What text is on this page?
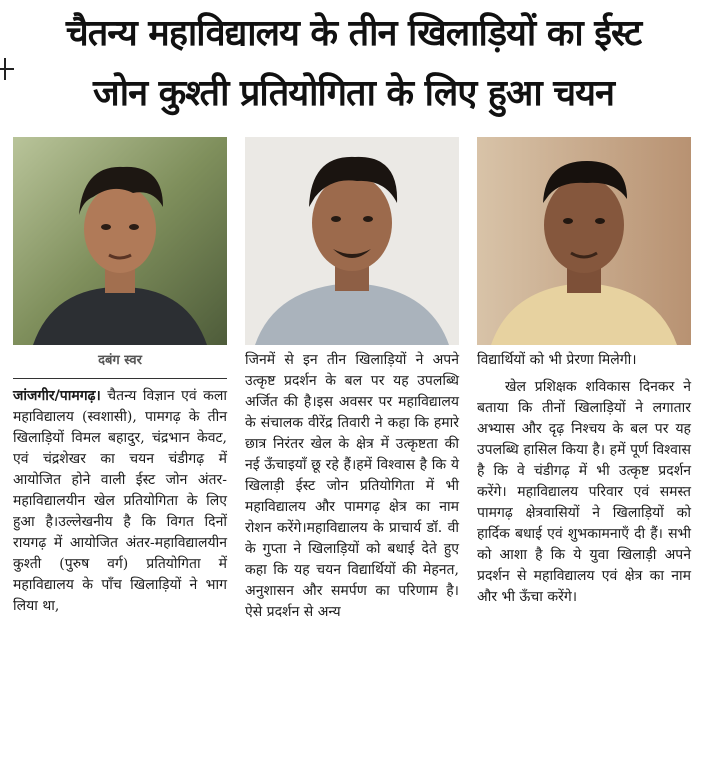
चैतन्य महाविद्यालय के तीन खिलाड़ियों का ईस्ट
जोन कुश्ती प्रतियोगिता के लिए हुआ चयन
दबंग स्वर

जांजगीर/पामगढ़। चैतन्य विज्ञान एवं कला महाविद्यालय (स्वशासी), पामगढ़ के तीन खिलाड़ियों विमल बहादुर, चंद्रभान केवट, एवं चंद्रशेखर का चयन चंडीगढ़ में आयोजित होने वाली ईस्ट जोन अंतर-महाविद्यालयीन खेल प्रतियोगिता के लिए हुआ है।उल्लेखनीय है कि विगत दिनों रायगढ़ में आयोजित अंतर-महाविद्यालयीन कुश्ती (पुरुष वर्ग) प्रतियोगिता में महाविद्यालय के पाँच खिलाड़ियों ने भाग लिया था,

जिनमें से इन तीन खिलाड़ियों ने अपने उत्कृष्ट प्रदर्शन के बल पर यह उपलब्धि अर्जित की है।इस अवसर पर महाविद्यालय के संचालक वीरेंद्र तिवारी ने कहा कि हमारे छात्र निरंतर खेल के क्षेत्र में उत्कृष्टता की नई ऊँचाइयाँ छू रहे हैं।हमें विश्वास है कि ये खिलाड़ी ईस्ट जोन प्रतियोगिता में भी महाविद्यालय और पामगढ़ क्षेत्र का नाम रोशन करेंगे।महाविद्यालय के प्राचार्य डॉ. वी के गुप्ता ने खिलाड़ियों को बधाई देते हुए कहा कि यह चयन विद्यार्थियों की मेहनत, अनुशासन और समर्पण का परिणाम है। ऐसे प्रदर्शन से अन्य

विद्यार्थियों को भी प्रेरणा मिलेगी।

खेल प्रशिक्षक शविकास दिनकर ने बताया कि तीनों खिलाड़ियों ने लगातार अभ्यास और दृढ़ निश्चय के बल पर यह उपलब्धि हासिल किया है। हमें पूर्ण विश्वास है कि वे चंडीगढ़ में भी उत्कृष्ट प्रदर्शन करेंगे। महाविद्यालय परिवार एवं समस्त पामगढ़ क्षेत्रवासियों ने खिलाड़ियों को हार्दिक बधाई एवं शुभकामनाएँ दी हैं। सभी को आशा है कि ये युवा खिलाड़ी अपने प्रदर्शन से महाविद्यालय एवं क्षेत्र का नाम और भी ऊँचा करेंगे।
